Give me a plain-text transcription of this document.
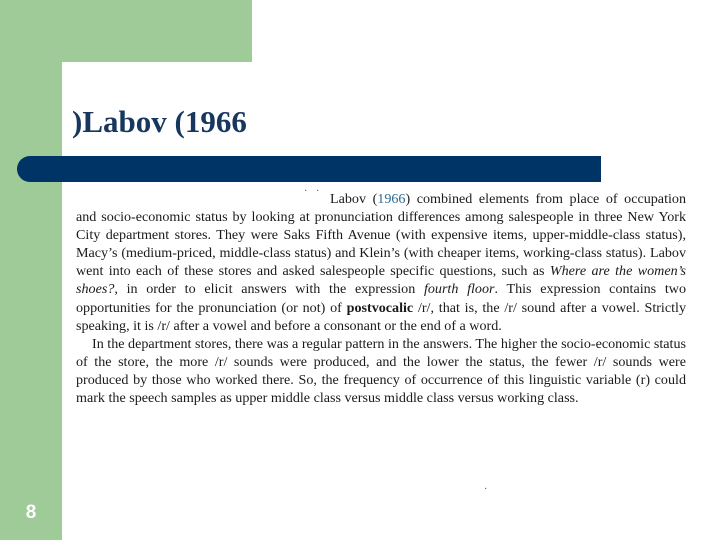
)Labov (1966
· ·
·

Labov (1966) combined elements from place of occupation and socio-economic status by looking at pronunciation differences among salespeople in three New York City department stores. They were Saks Fifth Avenue (with expensive items, upper-middle-class status), Macy’s (medium-priced, middle-class status) and Klein’s (with cheaper items, working-class status). Labov went into each of these stores and asked salespeople specific questions, such as Where are the women’s shoes?, in order to elicit answers with the expression fourth floor. This expression contains two opportunities for the pronunciation (or not) of postvocalic /r/, that is, the /r/ sound after a vowel. Strictly speaking, it is /r/ after a vowel and before a consonant or the end of a word.

In the department stores, there was a regular pattern in the answers. The higher the socio-economic status of the store, the more /r/ sounds were produced, and the lower the status, the fewer /r/ sounds were produced by those who worked there. So, the frequency of occurrence of this linguistic variable (r) could mark the speech samples as upper middle class versus middle class versus working class.

8
